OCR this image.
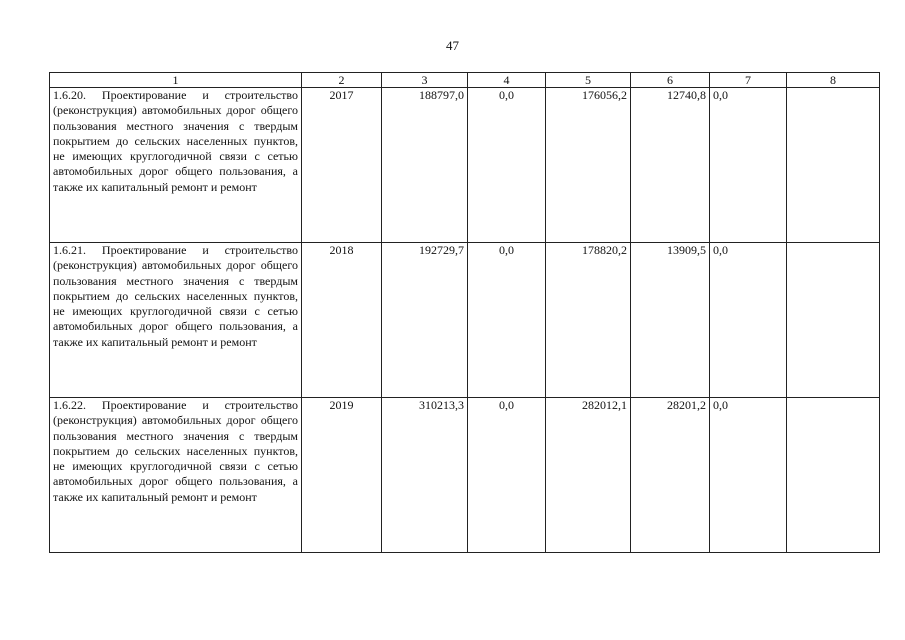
47
1	2	3	4	5	6	7	8
1.6.20. Проектирование и строительство (реконструкция) автомобильных дорог общего пользования местного значения с твердым покрытием до сельских населенных пунктов, не имеющих круглогодичной связи с сетью автомобильных дорог общего пользования, а также их капитальный ремонт и ремонт	2017	188797,0	0,0	176056,2	12740,8	0,0	
1.6.21. Проектирование и строительство (реконструкция) автомобильных дорог общего пользования местного значения с твердым покрытием до сельских населенных пунктов, не имеющих круглогодичной связи с сетью автомобильных дорог общего пользования, а также их капитальный ремонт и ремонт	2018	192729,7	0,0	178820,2	13909,5	0,0	
1.6.22. Проектирование и строительство (реконструкция) автомобильных дорог общего пользования местного значения с твердым покрытием до сельских населенных пунктов, не имеющих круглогодичной связи с сетью автомобильных дорог общего пользования, а также их капитальный ремонт и ремонт	2019	310213,3	0,0	282012,1	28201,2	0,0	
